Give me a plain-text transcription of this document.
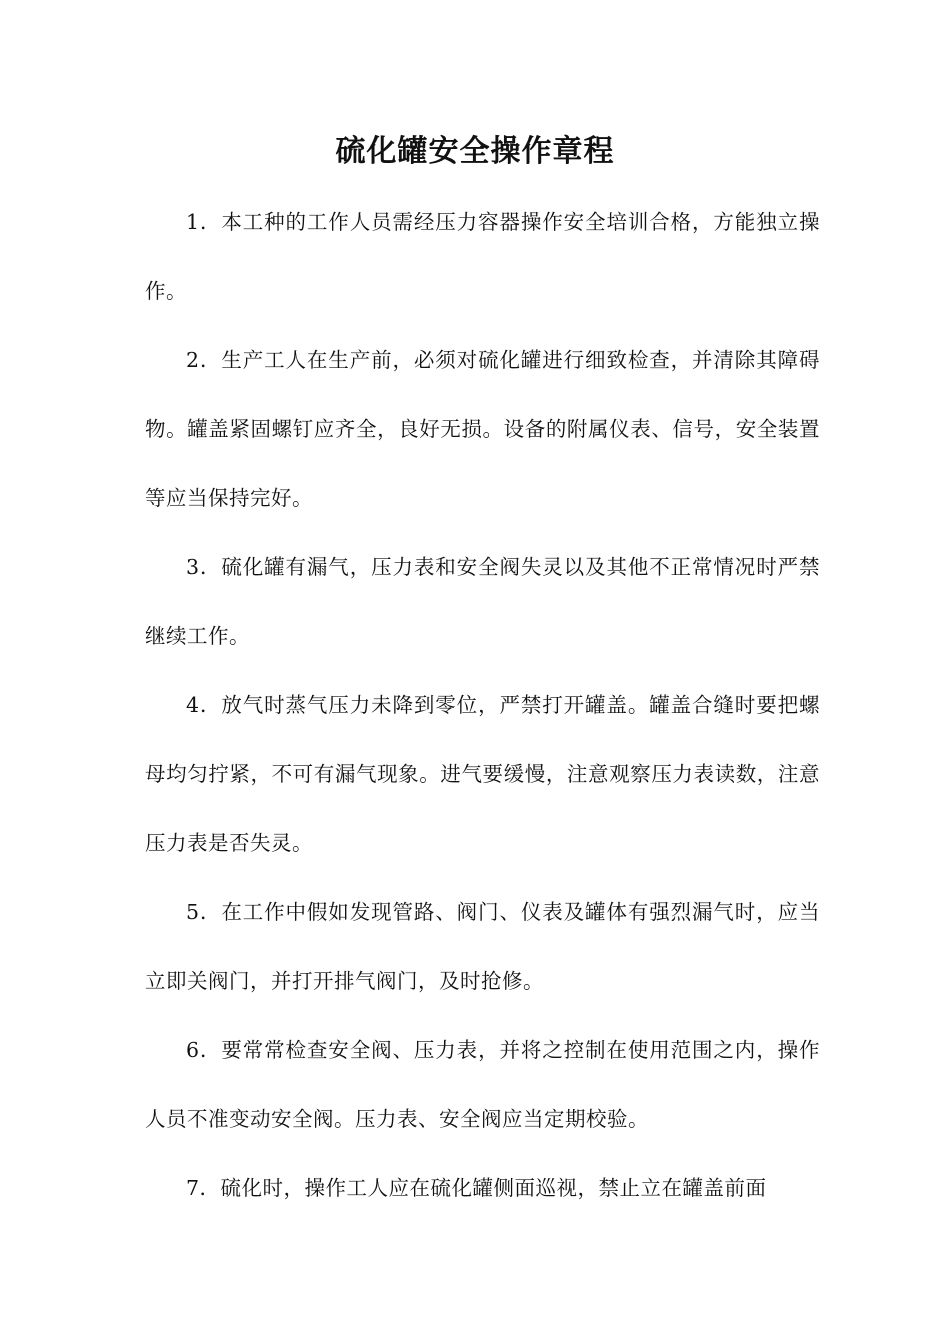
硫化罐安全操作章程

1．本工种的工作人员需经压力容器操作安全培训合格，方能独立操作。

2．生产工人在生产前，必须对硫化罐进行细致检查，并清除其障碍物。罐盖紧固螺钉应齐全，良好无损。设备的附属仪表、信号，安全装置等应当保持完好。

3．硫化罐有漏气，压力表和安全阀失灵以及其他不正常情况时严禁继续工作。

4．放气时蒸气压力未降到零位，严禁打开罐盖。罐盖合缝时要把螺母均匀拧紧，不可有漏气现象。进气要缓慢，注意观察压力表读数，注意压力表是否失灵。

5．在工作中假如发现管路、阀门、仪表及罐体有强烈漏气时，应当立即关阀门，并打开排气阀门，及时抢修。

6．要常常检查安全阀、压力表，并将之控制在使用范围之内，操作人员不准变动安全阀。压力表、安全阀应当定期校验。

7．硫化时，操作工人应在硫化罐侧面巡视，禁止立在罐盖前面
